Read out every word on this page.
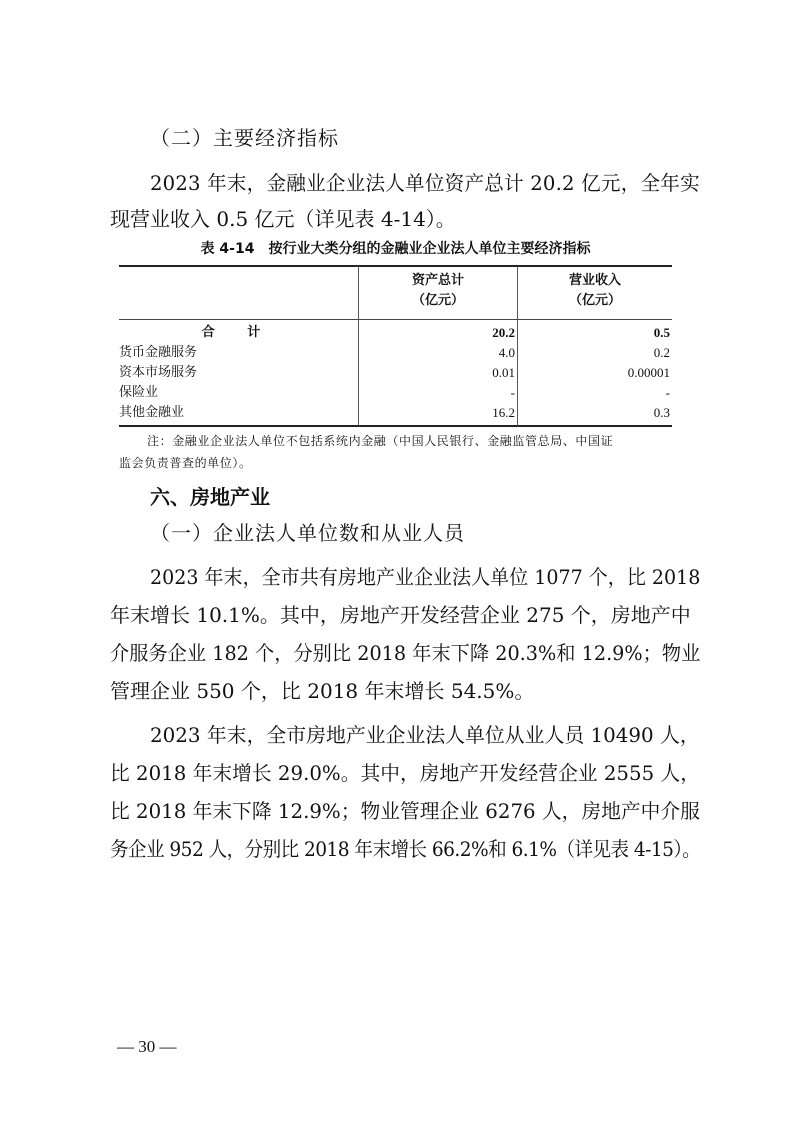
（二）主要经济指标
2023 年末，金融业企业法人单位资产总计 20.2 亿元，全年实
现营业收入 0.5 亿元（详见表 4-14）。
表 4-14 按行业大类分组的金融业企业法人单位主要经济指标
资产总计
（亿元）
营业收入
（亿元）
合 计	20.2	0.5
货币金融服务	4.0	0.2
资本市场服务	0.01	0.00001
保险业	-	-
其他金融业	16.2	0.3
注：金融业企业法人单位不包括系统内金融（中国人民银行、金融监管总局、中国证
监会负责普查的单位）。
六、房地产业
（一）企业法人单位数和从业人员
2023 年末，全市共有房地产业企业法人单位 1077 个，比 2018
年末增长 10.1%。其中，房地产开发经营企业 275 个，房地产中
介服务企业 182 个，分别比 2018 年末下降 20.3%和 12.9%；物业
管理企业 550 个，比 2018 年末增长 54.5%。
2023 年末，全市房地产业企业法人单位从业人员 10490 人，
比 2018 年末增长 29.0%。其中，房地产开发经营企业 2555 人，
比 2018 年末下降 12.9%；物业管理企业 6276 人，房地产中介服
务企业 952 人，分别比 2018 年末增长 66.2%和 6.1%（详见表 4-15）。
— 30 —
